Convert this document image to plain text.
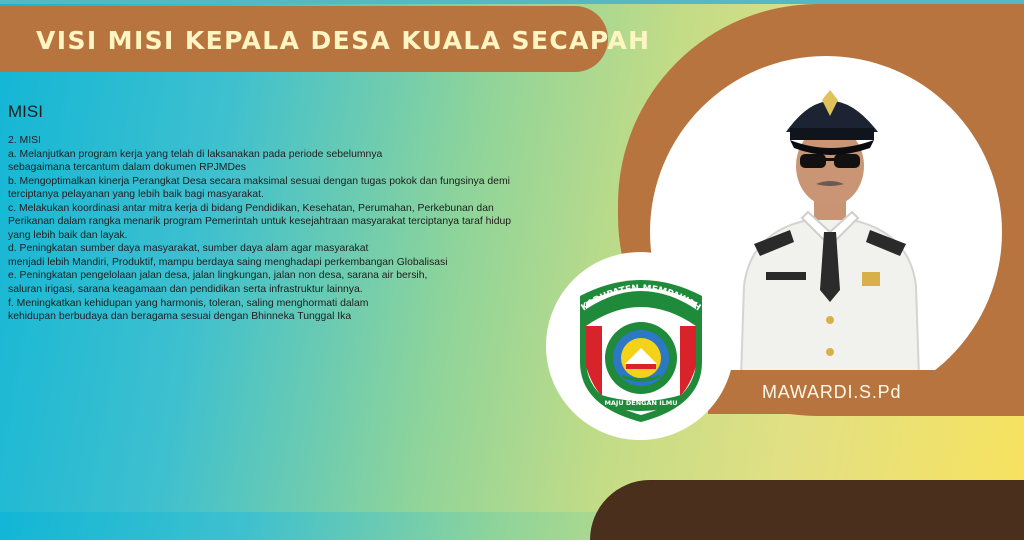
VISI MISI KEPALA DESA KUALA SECAPAH
MAWARDI.S.Pd
KABUPATEN MEMPAWAH
MAJU DENGAN ILMU
MISI
2. MISI
a. Melanjutkan program kerja yang telah di laksanakan pada periode sebelumnya
sebagaimana tercantum dalam dokumen RPJMDes
b. Mengoptimalkan kinerja Perangkat Desa secara maksimal sesuai dengan tugas pokok dan fungsinya demi
terciptanya pelayanan yang lebih baik bagi masyarakat.
c. Melakukan koordinasi antar mitra kerja di bidang Pendidikan, Kesehatan, Perumahan, Perkebunan dan
Perikanan dalam rangka menarik program Pemerintah untuk kesejahtraan masyarakat terciptanya taraf hidup
yang lebih baik dan layak.
d. Peningkatan sumber daya masyarakat, sumber daya alam agar masyarakat
menjadi lebih Mandiri, Produktif, mampu berdaya saing menghadapi perkembangan Globalisasi
e. Peningkatan pengelolaan jalan desa, jalan lingkungan, jalan non desa, sarana air bersih,
saluran irigasi, sarana keagamaan dan pendidikan serta infrastruktur lainnya.
f. Meningkatkan kehidupan yang harmonis, toleran, saling menghormati dalam
kehidupan berbudaya dan beragama sesuai dengan Bhinneka Tunggal Ika
